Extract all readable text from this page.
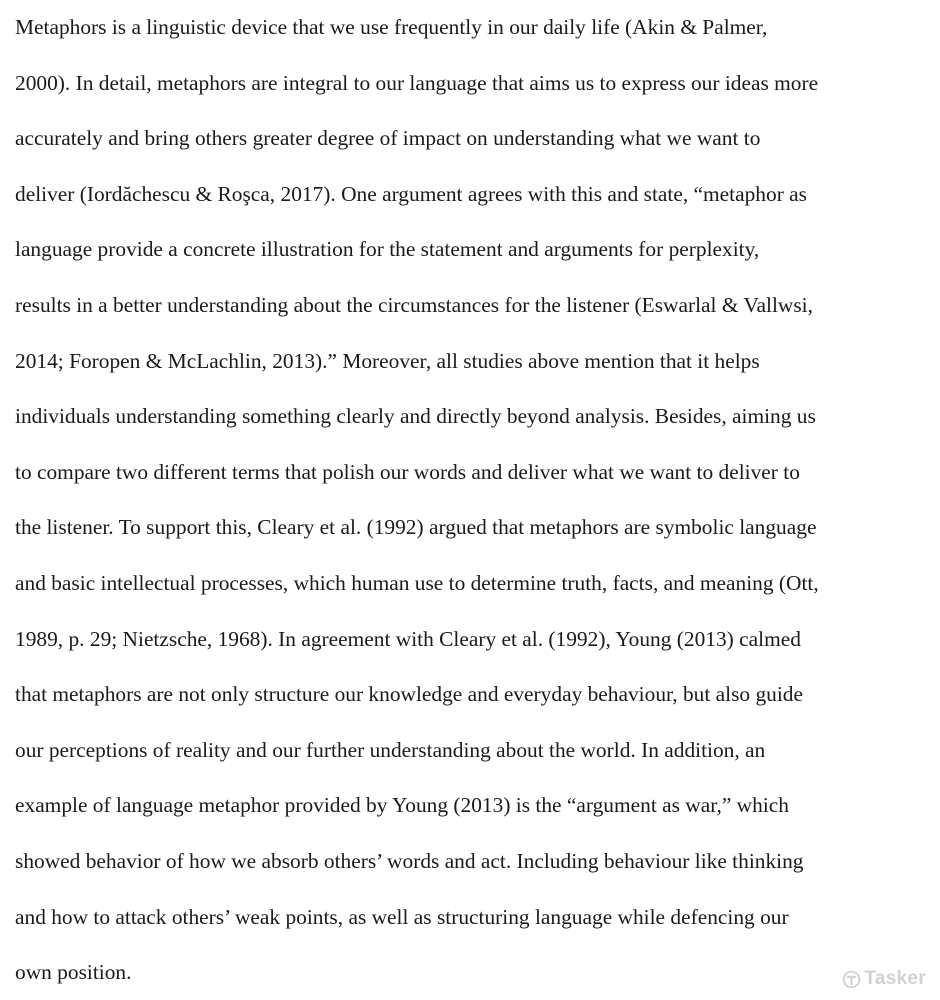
Metaphors is a linguistic device that we use frequently in our daily life (Akin & Palmer,
2000). In detail, metaphors are integral to our language that aims us to express our ideas more
accurately and bring others greater degree of impact on understanding what we want to
deliver (Iordăchescu & Roşca, 2017). One argument agrees with this and state, “metaphor as
language provide a concrete illustration for the statement and arguments for perplexity,
results in a better understanding about the circumstances for the listener (Eswarlal & Vallwsi,
2014; Foropen & McLachlin, 2013).” Moreover, all studies above mention that it helps
individuals understanding something clearly and directly beyond analysis. Besides, aiming us
to compare two different terms that polish our words and deliver what we want to deliver to
the listener. To support this, Cleary et al. (1992) argued that metaphors are symbolic language
and basic intellectual processes, which human use to determine truth, facts, and meaning (Ott,
1989, p. 29; Nietzsche, 1968). In agreement with Cleary et al. (1992), Young (2013) calmed
that metaphors are not only structure our knowledge and everyday behaviour, but also guide
our perceptions of reality and our further understanding about the world. In addition, an
example of language metaphor provided by Young (2013) is the “argument as war,” which
showed behavior of how we absorb others’ words and act. Including behaviour like thinking
and how to attack others’ weak points, as well as structuring language while defencing our
own position.	Tasker
